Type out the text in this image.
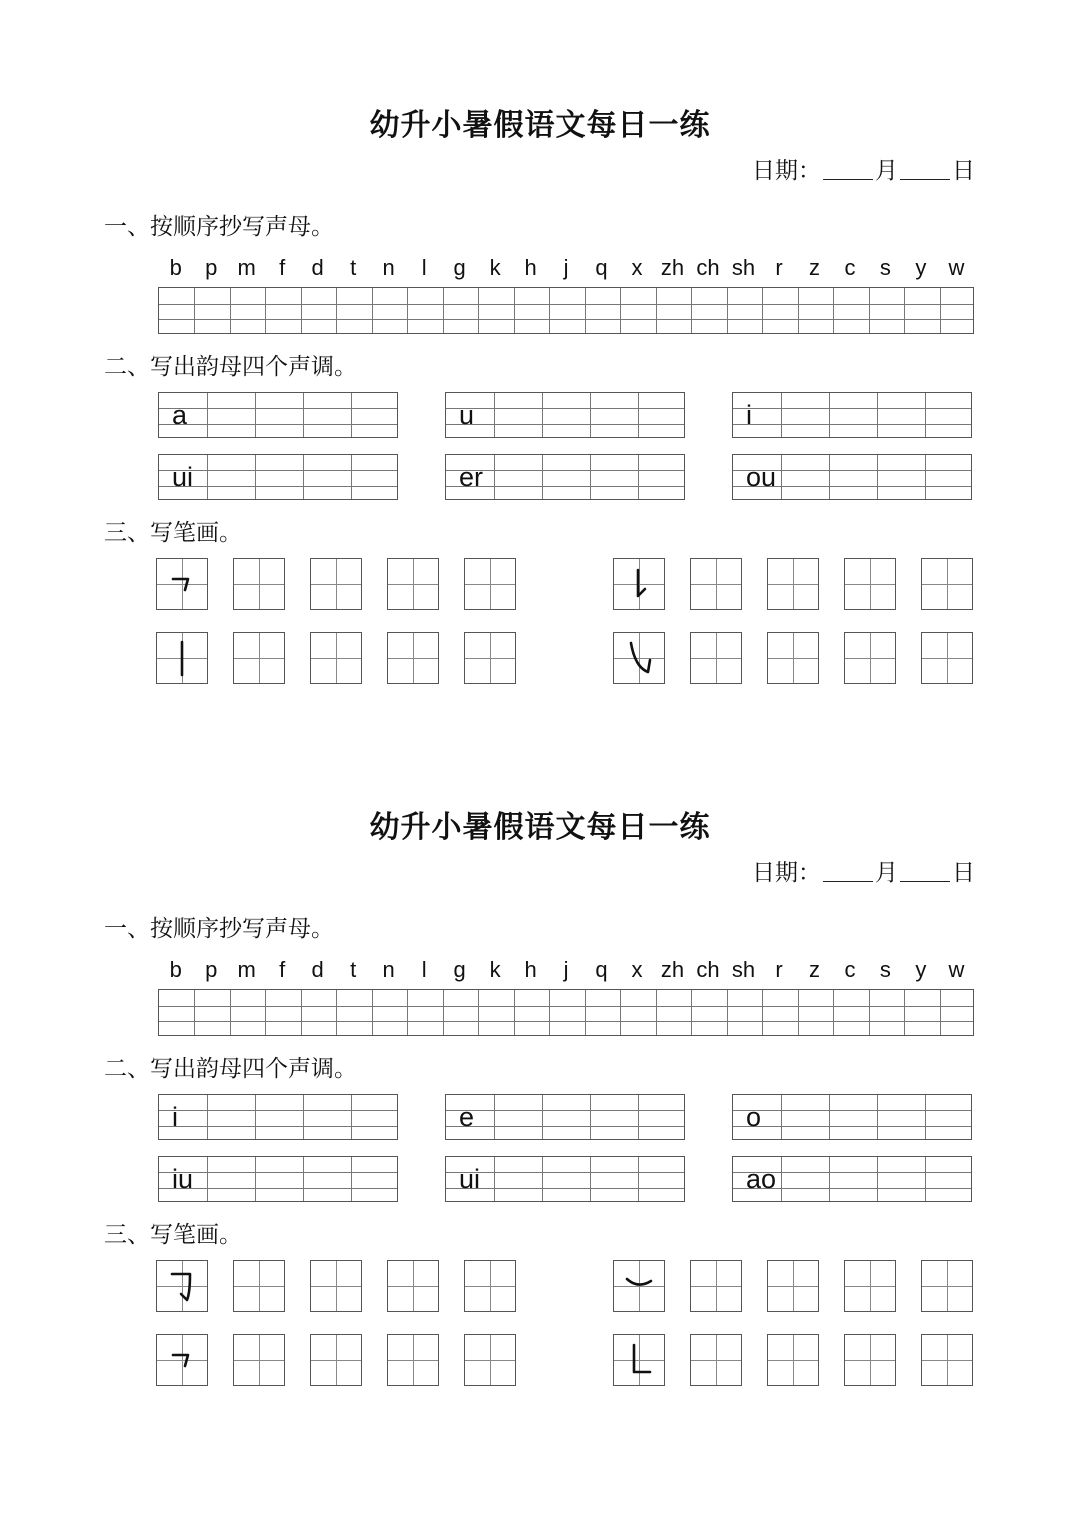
幼升小暑假语文每日一练
日期： 月 日
一、按顺序抄写声母。
二、写出韵母四个声调。
三、写笔画。
b	p m	f	d	t	n	l	g	k	h	j	q	x zh ch sh r	z	c	s	y	w
a	u	i
ui	er	ou
幼升小暑假语文每日一练
日期： 月 日
一、按顺序抄写声母。
二、写出韵母四个声调。
三、写笔画。
b	p m	f	d	t	n	l	g	k	h	j	q	x zh ch sh r	z	c	s	y	w
i	e	o
iu	ui	ao
